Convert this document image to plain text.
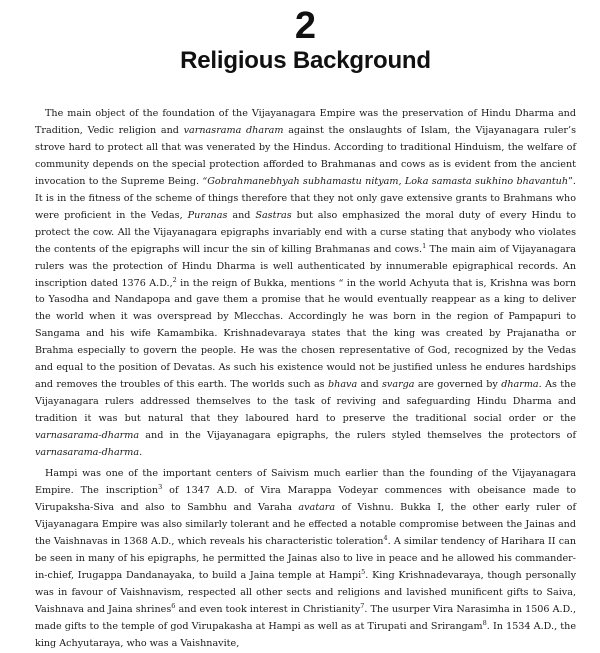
2
Religious Background

The main object of the foundation of the Vijayanagara Empire was the preservation of Hindu Dharma and Tradition, Vedic religion and varnasrama dharam against the onslaughts of Islam, the Vijayanagara ruler’s strove hard to protect all that was venerated by the Hindus. According to traditional Hinduism, the welfare of community depends on the special protection afforded to Brahmanas and cows as is evident from the ancient invocation to the Supreme Being. “Gobrahmanebhyah subhamastu nityam, Loka samasta sukhino bhavantuh”. It is in the fitness of the scheme of things therefore that they not only gave extensive grants to Brahmans who were proficient in the Vedas, Puranas and Sastras but also emphasized the moral duty of every Hindu to protect the cow. All the Vijayanagara epigraphs invariably end with a curse stating that anybody who violates the contents of the epigraphs will incur the sin of killing Brahmanas and cows.$^1$ The main aim of Vijayanagara rulers was the protection of Hindu Dharma is well authenticated by innumerable epigraphical records. An inscription dated 1376 A.D.,$^2$ in the reign of Bukka, mentions “ in the world Achyuta that is, Krishna was born to Yasodha and Nandapopa and gave them a promise that he would eventually reappear as a king to deliver the world when it was overspread by Mlecchas. Accordingly he was born in the region of Pampapuri to Sangama and his wife Kamambika. Krishnadevaraya states that the king was created by Prajanatha or Brahma especially to govern the people. He was the chosen representative of God, recognized by the Vedas and equal to the position of Devatas. As such his existence would not be justified unless he endures hardships and removes the troubles of this earth. The worlds such as bhava and svarga are governed by dharma. As the Vijayanagara rulers addressed themselves to the task of reviving and safeguarding Hindu Dharma and tradition it was but natural that they laboured hard to preserve the traditional social order or the varnasarama-dharma and in the Vijayanagara epigraphs, the rulers styled themselves the protectors of varnasarama-dharma.

Hampi was one of the important centers of Saivism much earlier than the founding of the Vijayanagara Empire. The inscription$^3$ of 1347 A.D. of Vira Marappa Vodeyar commences with obeisance made to Virupaksha-Siva and also to Sambhu and Varaha avatara of Vishnu. Bukka I, the other early ruler of Vijayanagara Empire was also similarly tolerant and he effected a notable compromise between the Jainas and the Vaishnavas in 1368 A.D., which reveals his characteristic toleration$^4$. A similar tendency of Harihara II can be seen in many of his epigraphs, he permitted the Jainas also to live in peace and he allowed his commander-in-chief, Irugappa Dandanayaka, to build a Jaina temple at Hampi$^5$. King Krishnadevaraya, though personally was in favour of Vaishnavism, respected all other sects and religions and lavished munificent gifts to Saiva, Vaishnava and Jaina shrines$^6$ and even took interest in Christianity$^7$. The usurper Vira Narasimha in 1506 A.D., made gifts to the temple of god Virupakasha at Hampi as well as at Tirupati and Srirangam$^8$. In 1534 A.D., the king Achyutaraya, who was a Vaishnavite,
